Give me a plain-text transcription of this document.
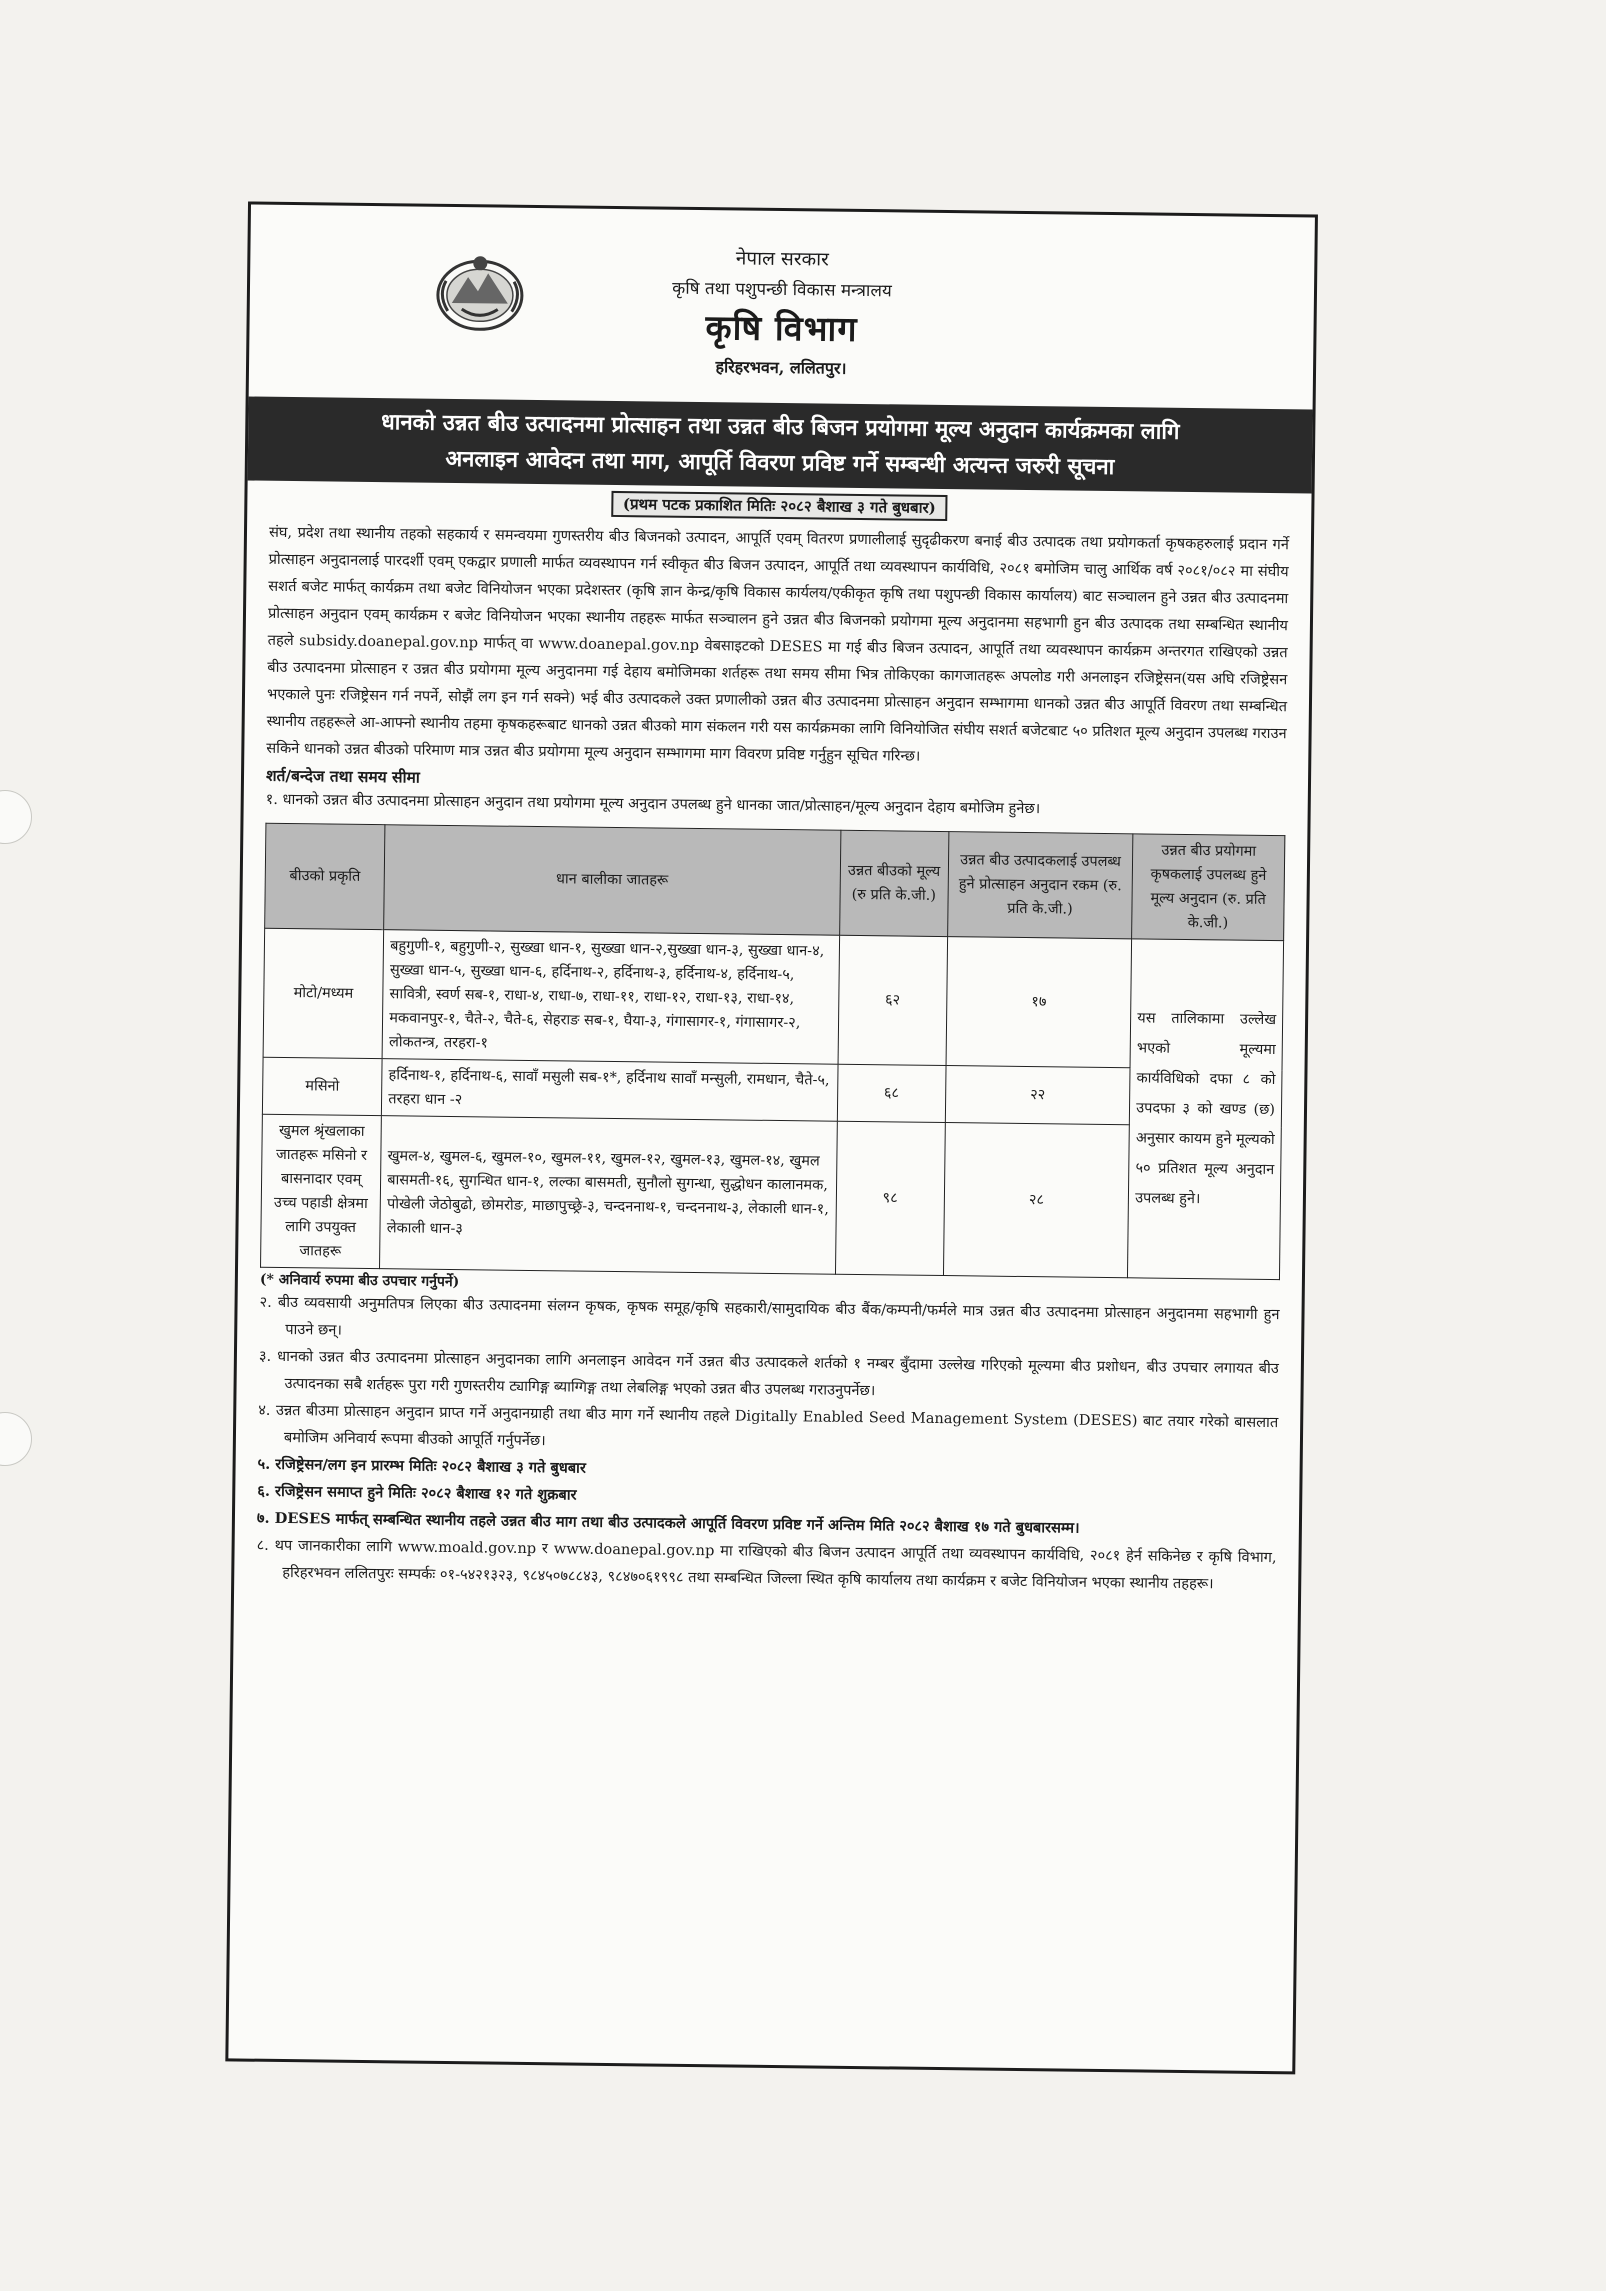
नेपाल सरकार
कृषि तथा पशुपन्छी विकास मन्त्रालय
कृषि विभाग
हरिहरभवन, ललितपुर।
धानको उन्नत बीउ उत्पादनमा प्रोत्साहन तथा उन्नत बीउ बिजन प्रयोगमा मूल्य अनुदान कार्यक्रमका लागि
अनलाइन आवेदन तथा माग, आपूर्ति विवरण प्रविष्ट गर्ने सम्बन्धी अत्यन्त जरुरी सूचना
(प्रथम पटक प्रकाशित मितिः २०८२ बैशाख ३ गते बुधबार)
संघ, प्रदेश तथा स्थानीय तहको सहकार्य र समन्वयमा गुणस्तरीय बीउ बिजनको उत्पादन, आपूर्ति एवम् वितरण प्रणालीलाई सुदृढीकरण बनाई बीउ उत्पादक तथा प्रयोगकर्ता कृषकहरुलाई प्रदान गर्ने प्रोत्साहन अनुदानलाई पारदर्शी एवम् एकद्वार प्रणाली मार्फत व्यवस्थापन गर्न स्वीकृत बीउ बिजन उत्पादन, आपूर्ति तथा व्यवस्थापन कार्यविधि, २०८१ बमोजिम चालु आर्थिक वर्ष २०८१/०८२ मा संघीय सशर्त बजेट मार्फत् कार्यक्रम तथा बजेट विनियोजन भएका प्रदेशस्तर (कृषि ज्ञान केन्द्र/कृषि विकास कार्यलय/एकीकृत कृषि तथा पशुपन्छी विकास कार्यालय) बाट सञ्चालन हुने उन्नत बीउ उत्पादनमा प्रोत्साहन अनुदान एवम् कार्यक्रम र बजेट विनियोजन भएका स्थानीय तहहरू मार्फत सञ्चालन हुने उन्नत बीउ बिजनको प्रयोगमा मूल्य अनुदानमा सहभागी हुन बीउ उत्पादक तथा सम्बन्धित स्थानीय तहले subsidy.doanepal.gov.np मार्फत् वा www.doanepal.gov.np वेबसाइटको DESES मा गई बीउ बिजन उत्पादन, आपूर्ति तथा व्यवस्थापन कार्यक्रम अन्तरगत राखिएको उन्नत बीउ उत्पादनमा प्रोत्साहन र उन्नत बीउ प्रयोगमा मूल्य अनुदानमा गई देहाय बमोजिमका शर्तहरू तथा समय सीमा भित्र तोकिएका कागजातहरू अपलोड गरी अनलाइन रजिष्ट्रेसन(यस अघि रजिष्ट्रेसन भएकाले पुनः रजिष्ट्रेसन गर्न नपर्ने, सोझैं लग इन गर्न सक्ने) भई बीउ उत्पादकले उक्त प्रणालीको उन्नत बीउ उत्पादनमा प्रोत्साहन अनुदान सम्भागमा धानको उन्नत बीउ आपूर्ति विवरण तथा सम्बन्धित स्थानीय तहहरूले आ-आफ्नो स्थानीय तहमा कृषकहरूबाट धानको उन्नत बीउको माग संकलन गरी यस कार्यक्रमका लागि विनियोजित संघीय सशर्त बजेटबाट ५० प्रतिशत मूल्य अनुदान उपलब्ध गराउन सकिने धानको उन्नत बीउको परिमाण मात्र उन्नत बीउ प्रयोगमा मूल्य अनुदान सम्भागमा माग विवरण प्रविष्ट गर्नुहुन सूचित गरिन्छ।
शर्त/बन्देज तथा समय सीमा
१. धानको उन्नत बीउ उत्पादनमा प्रोत्साहन अनुदान तथा प्रयोगमा मूल्य अनुदान उपलब्ध हुने धानका जात/प्रोत्साहन/मूल्य अनुदान देहाय बमोजिम हुनेछ।
बीउको प्रकृति	धान बालीका जातहरू	उन्नत बीउको मूल्य (रु प्रति के.जी.)	उन्नत बीउ उत्पादकलाई उपलब्ध हुने प्रोत्साहन अनुदान रकम (रु. प्रति के.जी.)	उन्नत बीउ प्रयोगमा कृषकलाई उपलब्ध हुने मूल्य अनुदान (रु. प्रति के.जी.)
मोटो/मध्यम	बहुगुणी-१, बहुगुणी-२, सुख्खा धान-१, सुख्खा धान-२,सुख्खा धान-३, सुख्खा धान-४, सुख्खा धान-५, सुख्खा धान-६, हर्दिनाथ-२, हर्दिनाथ-३, हर्दिनाथ-४, हर्दिनाथ-५, सावित्री, स्वर्ण सब-१, राधा-४, राधा-७, राधा-११, राधा-१२, राधा-१३, राधा-१४, मकवानपुर-१, चैते-२, चैते-६, सेहराङ सब-१, घैया-३, गंगासागर-१, गंगासागर-२, लोकतन्त्र, तरहरा-१	६२	१७	यस तालिकामा उल्लेख भएको मूल्यमा कार्यविधिको दफा ८ को उपदफा ३ को खण्ड (छ) अनुसार कायम हुने मूल्यको ५० प्रतिशत मूल्य अनुदान उपलब्ध हुने।
मसिनो	हर्दिनाथ-१, हर्दिनाथ-६, सावाँ मसुली सब-१*, हर्दिनाथ सावाँ मन्सुली, रामधान, चैते-५, तरहरा धान -२	६८	२२	
खुमल श्रृंखलाका जातहरू मसिनो र बासनादार एवम् उच्च पहाडी क्षेत्रमा लागि उपयुक्त जातहरू	खुमल-४, खुमल-६, खुमल-१०, खुमल-११, खुमल-१२, खुमल-१३, खुमल-१४, खुमल बासमती-१६, सुगन्धित धान-१, लल्का बासमती, सुनौलो सुगन्धा, सुद्धोधन कालानमक, पोखेली जेठोबुढो, छोमरोङ, माछापुच्छ्रे-३, चन्दननाथ-१, चन्दननाथ-३, लेकाली धान-१, लेकाली धान-३	९८	२८	
(* अनिवार्य रुपमा बीउ उपचार गर्नुपर्ने)
२. बीउ व्यवसायी अनुमतिपत्र लिएका बीउ उत्पादनमा संलग्न कृषक, कृषक समूह/कृषि सहकारी/सामुदायिक बीउ बैंक/कम्पनी/फर्मले मात्र उन्नत बीउ उत्पादनमा प्रोत्साहन अनुदानमा सहभागी हुन पाउने छन्।
३. धानको उन्नत बीउ उत्पादनमा प्रोत्साहन अनुदानका लागि अनलाइन आवेदन गर्ने उन्नत बीउ उत्पादकले शर्तको १ नम्बर बुँदामा उल्लेख गरिएको मूल्यमा बीउ प्रशोधन, बीउ उपचार लगायत बीउ उत्पादनका सबै शर्तहरू पुरा गरी गुणस्तरीय ट्यागिङ्ग ब्याग्गिङ्ग तथा लेबलिङ्ग भएको उन्नत बीउ उपलब्ध गराउनुपर्नेछ।
४. उन्नत बीउमा प्रोत्साहन अनुदान प्राप्त गर्ने अनुदानग्राही तथा बीउ माग गर्ने स्थानीय तहले Digitally Enabled Seed Management System (DESES) बाट तयार गरेको बासलात बमोजिम अनिवार्य रूपमा बीउको आपूर्ति गर्नुपर्नेछ।
५. रजिष्ट्रेसन/लग इन प्रारम्भ मितिः २०८२ बैशाख ३ गते बुधबार
६. रजिष्ट्रेसन समाप्त हुने मितिः २०८२ बैशाख १२ गते शुक्रबार
७. DESES मार्फत् सम्बन्धित स्थानीय तहले उन्नत बीउ माग तथा बीउ उत्पादकले आपूर्ति विवरण प्रविष्ट गर्ने अन्तिम मिति २०८२ बैशाख १७ गते बुधबारसम्म।
८. थप जानकारीका लागि www.moald.gov.np र www.doanepal.gov.np मा राखिएको बीउ बिजन उत्पादन आपूर्ति तथा व्यवस्थापन कार्यविधि, २०८१ हेर्न सकिनेछ र कृषि विभाग, हरिहरभवन ललितपुरः सम्पर्कः ०१-५४२१३२३, ९८४५०७८८४३, ९८४७०६१९९८ तथा सम्बन्धित जिल्ला स्थित कृषि कार्यालय तथा कार्यक्रम र बजेट विनियोजन भएका स्थानीय तहहरू।
